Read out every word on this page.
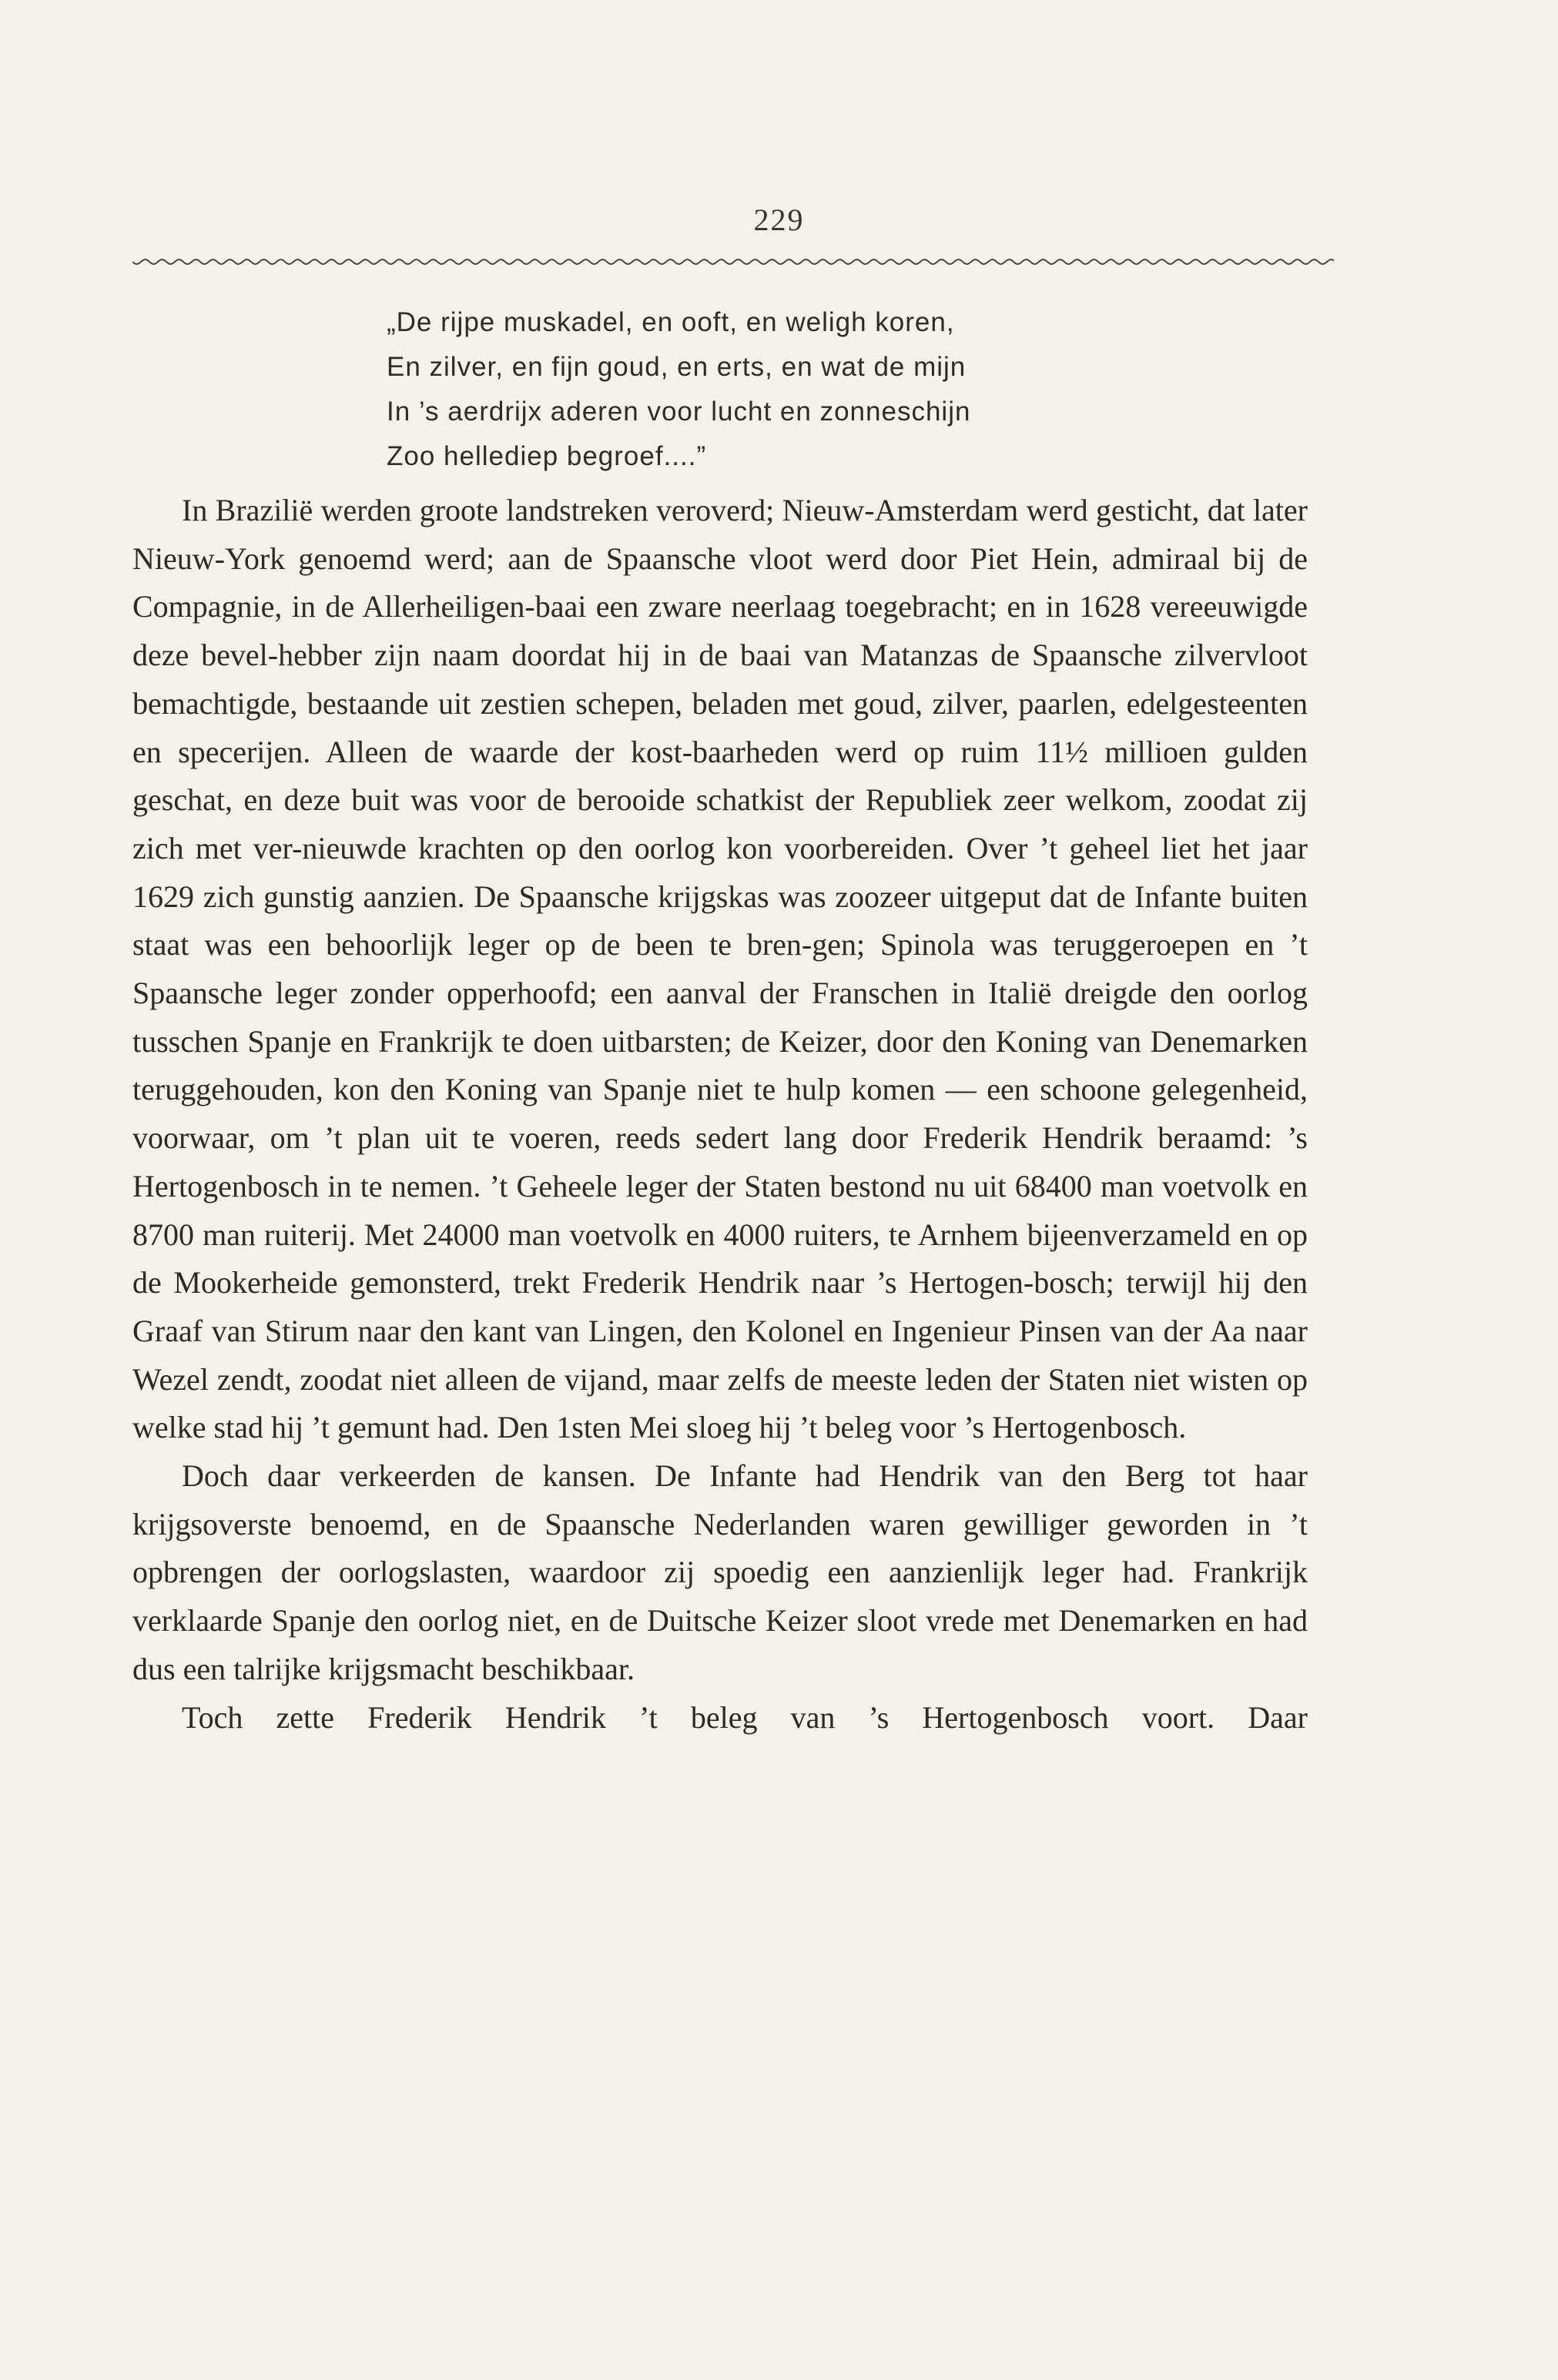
229
„De rijpe muskadel, en ooft, en weligh koren,
En zilver, en fijn goud, en erts, en wat de mijn
In ’s aerdrijx aderen voor lucht en zonneschijn
Zoo hellediep begroef....”

In Brazilië werden groote landstreken veroverd; Nieuw-Amsterdam werd gesticht, dat later Nieuw-York genoemd werd; aan de Spaansche vloot werd door Piet Hein, admiraal bij de Compagnie, in de Allerheiligen-baai een zware neerlaag toegebracht; en in 1628 vereeuwigde deze bevel-hebber zijn naam doordat hij in de baai van Matanzas de Spaansche zilvervloot bemachtigde, bestaande uit zestien schepen, beladen met goud, zilver, paarlen, edelgesteenten en specerijen. Alleen de waarde der kost-baarheden werd op ruim 11½ millioen gulden geschat, en deze buit was voor de berooide schatkist der Republiek zeer welkom, zoodat zij zich met ver-nieuwde krachten op den oorlog kon voorbereiden. Over ’t geheel liet het jaar 1629 zich gunstig aanzien. De Spaansche krijgskas was zoozeer uitgeput dat de Infante buiten staat was een behoorlijk leger op de been te bren-gen; Spinola was teruggeroepen en ’t Spaansche leger zonder opperhoofd; een aanval der Franschen in Italië dreigde den oorlog tusschen Spanje en Frankrijk te doen uitbarsten; de Keizer, door den Koning van Denemarken teruggehouden, kon den Koning van Spanje niet te hulp komen — een schoone gelegenheid, voorwaar, om ’t plan uit te voeren, reeds sedert lang door Frederik Hendrik beraamd: ’s Hertogenbosch in te nemen. ’t Geheele leger der Staten bestond nu uit 68400 man voetvolk en 8700 man ruiterij. Met 24000 man voetvolk en 4000 ruiters, te Arnhem bijeenverzameld en op de Mookerheide gemonsterd, trekt Frederik Hendrik naar ’s Hertogen-bosch; terwijl hij den Graaf van Stirum naar den kant van Lingen, den Kolonel en Ingenieur Pinsen van der Aa naar Wezel zendt, zoodat niet alleen de vijand, maar zelfs de meeste leden der Staten niet wisten op welke stad hij ’t gemunt had. Den 1sten Mei sloeg hij ’t beleg voor ’s Hertogenbosch.

Doch daar verkeerden de kansen. De Infante had Hendrik van den Berg tot haar krijgsoverste benoemd, en de Spaansche Nederlanden waren gewilliger geworden in ’t opbrengen der oorlogslasten, waardoor zij spoedig een aanzienlijk leger had. Frankrijk verklaarde Spanje den oorlog niet, en de Duitsche Keizer sloot vrede met Denemarken en had dus een talrijke krijgsmacht beschikbaar.

Toch zette Frederik Hendrik ’t beleg van ’s Hertogenbosch voort. Daar
